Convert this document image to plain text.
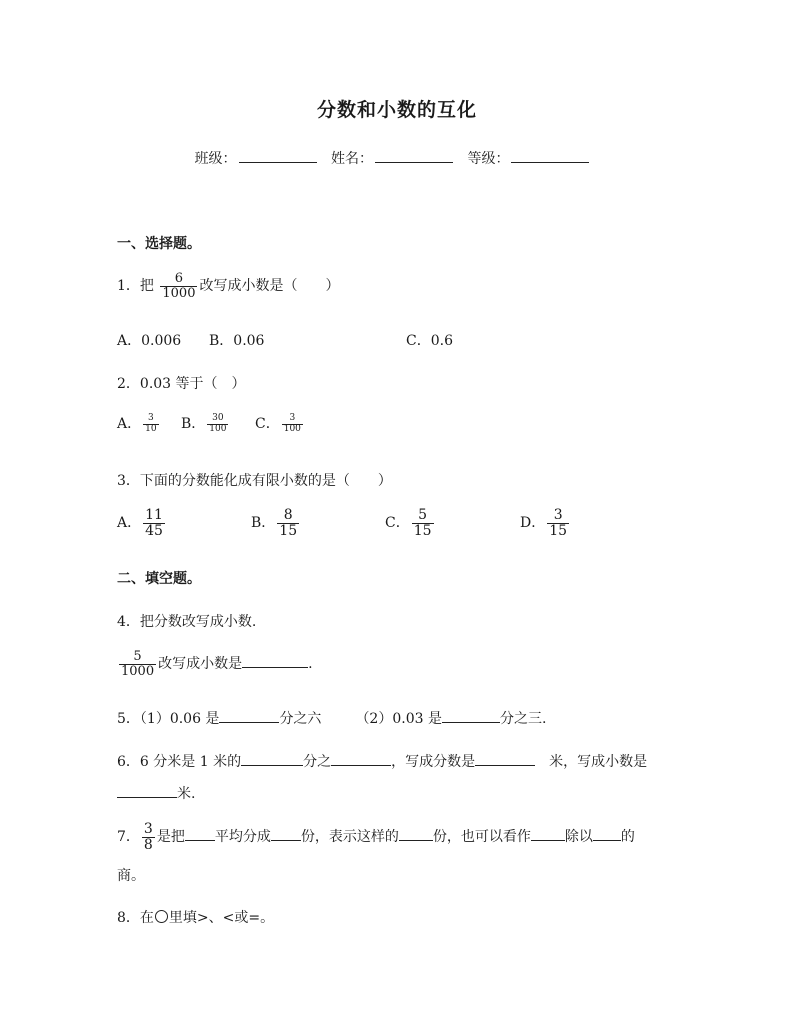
分数和小数的互化
班级：	姓名：	等级：
一、选择题。
1．把 $\frac{6}{1000}$ 改写成小数是（　　）
A．0.006 B．0.06	C．0.6
2．0.03 等于（　）
A． $\frac{3}{10}$ B． $\frac{30}{100}$ C． $\frac{3}{100}$
3．下面的分数能化成有限小数的是（　　）
A． $\frac{11}{45}$	B． $\frac{8}{15}$	C． $\frac{5}{15}$	D． $\frac{3}{15}$
二、填空题。
4．把分数改写成小数.
$\frac{5}{1000}$ 改写成小数是	.
5．（1）0.06 是	分之六 （2）0.03 是	分之三.
6．6 分米是 1 米的	分之	，写成分数是	米，写成小数是
米.
7． $\frac{3}{8}$ 是把 平均分成 份，表示这样的 份，也可以看作 除以 的
商。
8．在 里填>、<或=。
